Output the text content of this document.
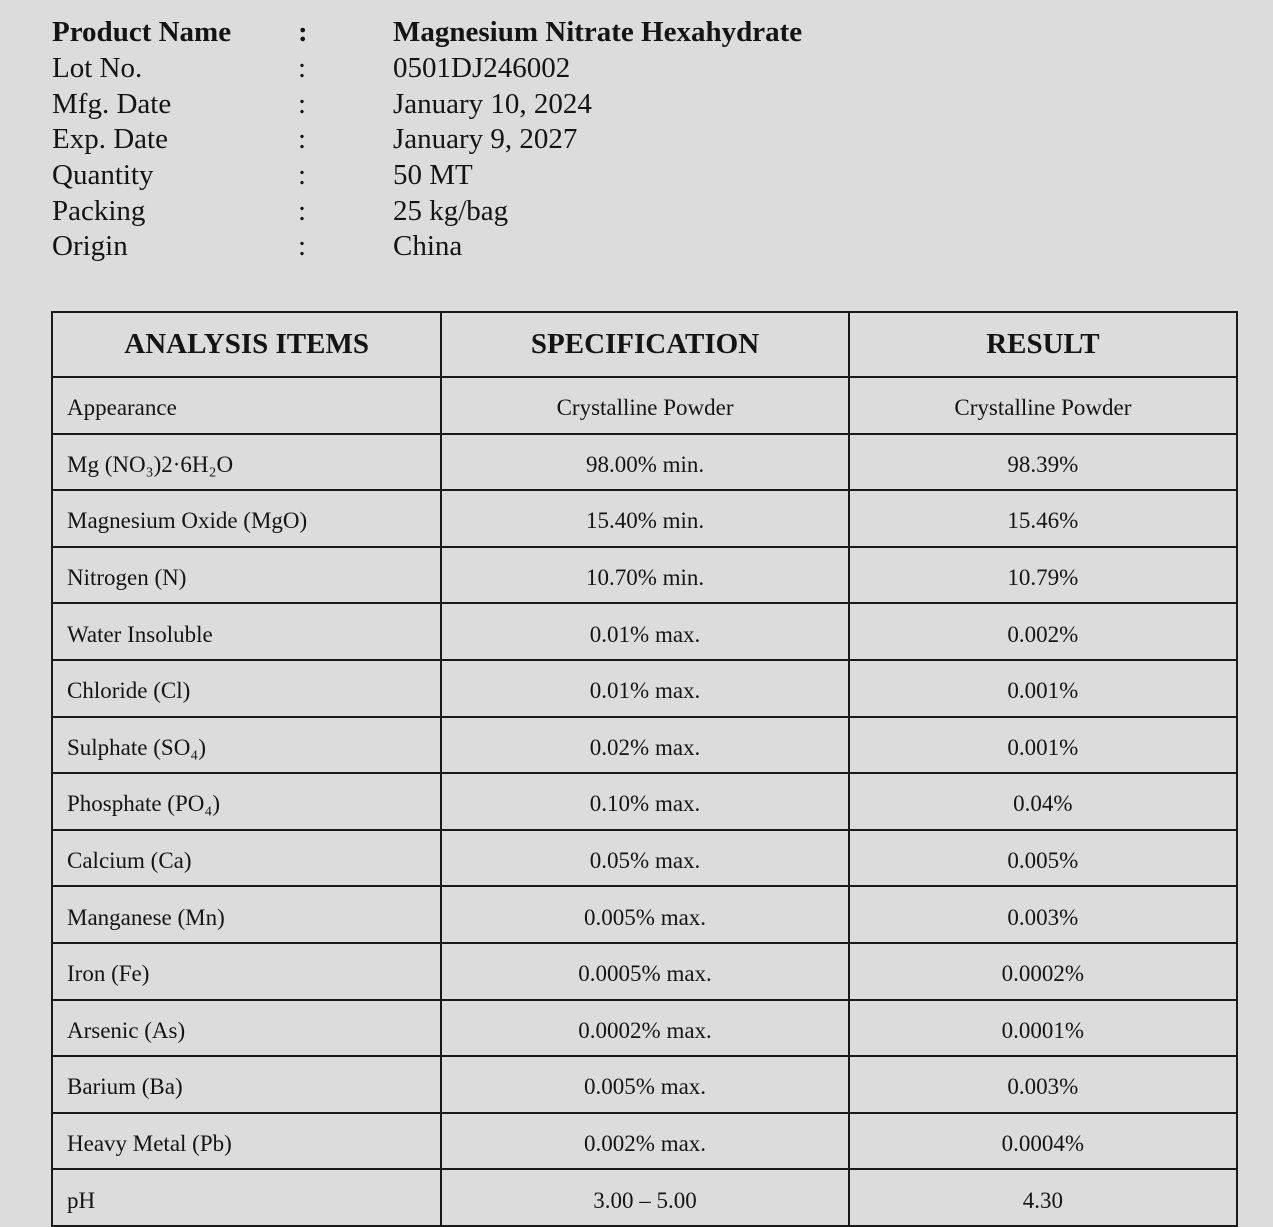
Product Name	:	Magnesium Nitrate Hexahydrate
Lot No.	:	0501DJ246002
Mfg. Date	:	January 10, 2024
Exp. Date	:	January 9, 2027
Quantity	:	50 MT
Packing	:	25 kg/bag
Origin	:	China
ANALYSIS ITEMS	SPECIFICATION	RESULT
Appearance	Crystalline Powder	Crystalline Powder
Mg (NO₃)2·6H₂O	98.00% min.	98.39%
Magnesium Oxide (MgO)	15.40% min.	15.46%
Nitrogen (N)	10.70% min.	10.79%
Water Insoluble	0.01% max.	0.002%
Chloride (Cl)	0.01% max.	0.001%
Sulphate (SO₄)	0.02% max.	0.001%
Phosphate (PO₄)	0.10% max.	0.04%
Calcium (Ca)	0.05% max.	0.005%
Manganese (Mn)	0.005% max.	0.003%
Iron (Fe)	0.0005% max.	0.0002%
Arsenic (As)	0.0002% max.	0.0001%
Barium (Ba)	0.005% max.	0.003%
Heavy Metal (Pb)	0.002% max.	0.0004%
pH	3.00 – 5.00	4.30
